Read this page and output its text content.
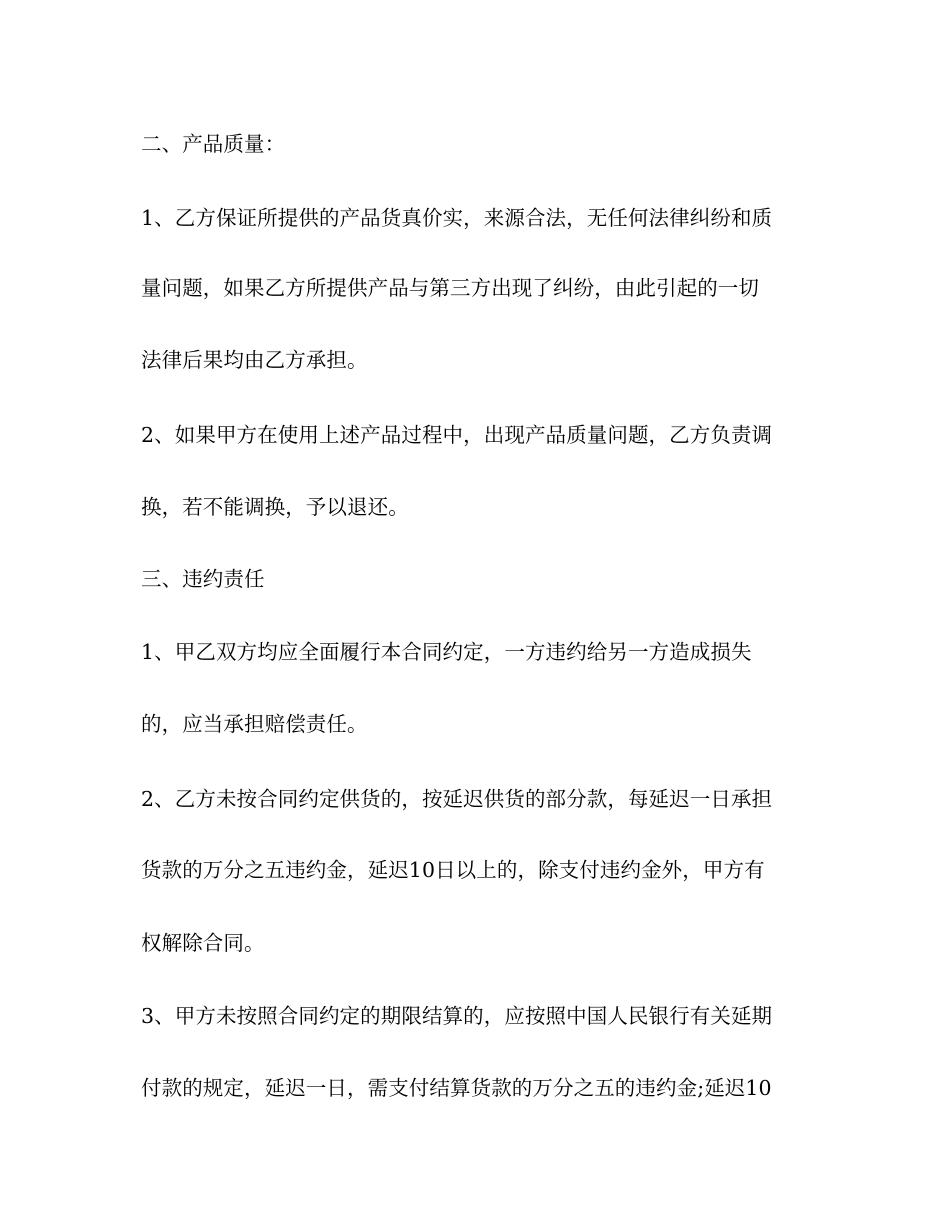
二、产品质量：
1、乙方保证所提供的产品货真价实，来源合法，无任何法律纠纷和质
量问题，如果乙方所提供产品与第三方出现了纠纷，由此引起的一切
法律后果均由乙方承担。
2、如果甲方在使用上述产品过程中，出现产品质量问题，乙方负责调
换，若不能调换，予以退还。
三、违约责任
1、甲乙双方均应全面履行本合同约定，一方违约给另一方造成损失
的，应当承担赔偿责任。
2、乙方未按合同约定供货的，按延迟供货的部分款，每延迟一日承担
货款的万分之五违约金，延迟10日以上的，除支付违约金外，甲方有
权解除合同。
3、甲方未按照合同约定的期限结算的，应按照中国人民银行有关延期
付款的规定，延迟一日，需支付结算货款的万分之五的违约金;延迟10
